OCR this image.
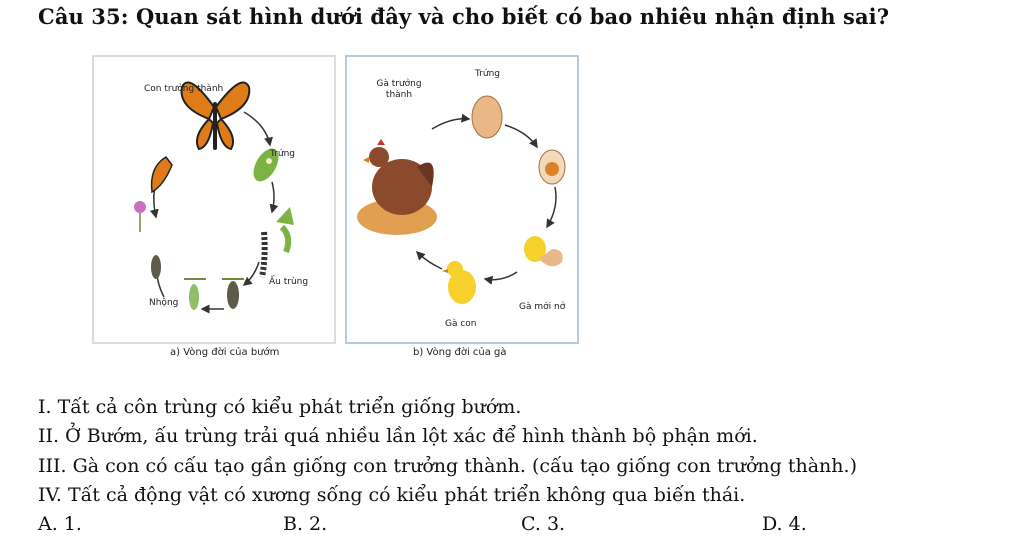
Câu 35: Quan sát hình dưới đây và cho biết có bao nhiêu nhận định sai?
Con trưởng thành
Trứng
Ấu trùng
Nhộng
a) Vòng đời của bướm
Trứng
Gà trưởng thành
Gà mới nở
Gà con
b) Vòng đời của gà
I. Tất cả côn trùng có kiểu phát triển giống bướm.
II. Ở Bướm, ấu trùng trải quá nhiều lần lột xác để hình thành bộ phận mới.
III. Gà con có cấu tạo gần giống con trưởng thành. (cấu tạo giống con trưởng thành.)
IV. Tất cả động vật có xương sống có kiểu phát triển không qua biến thái.
A. 1.	B. 2.	C. 3.	D. 4.
